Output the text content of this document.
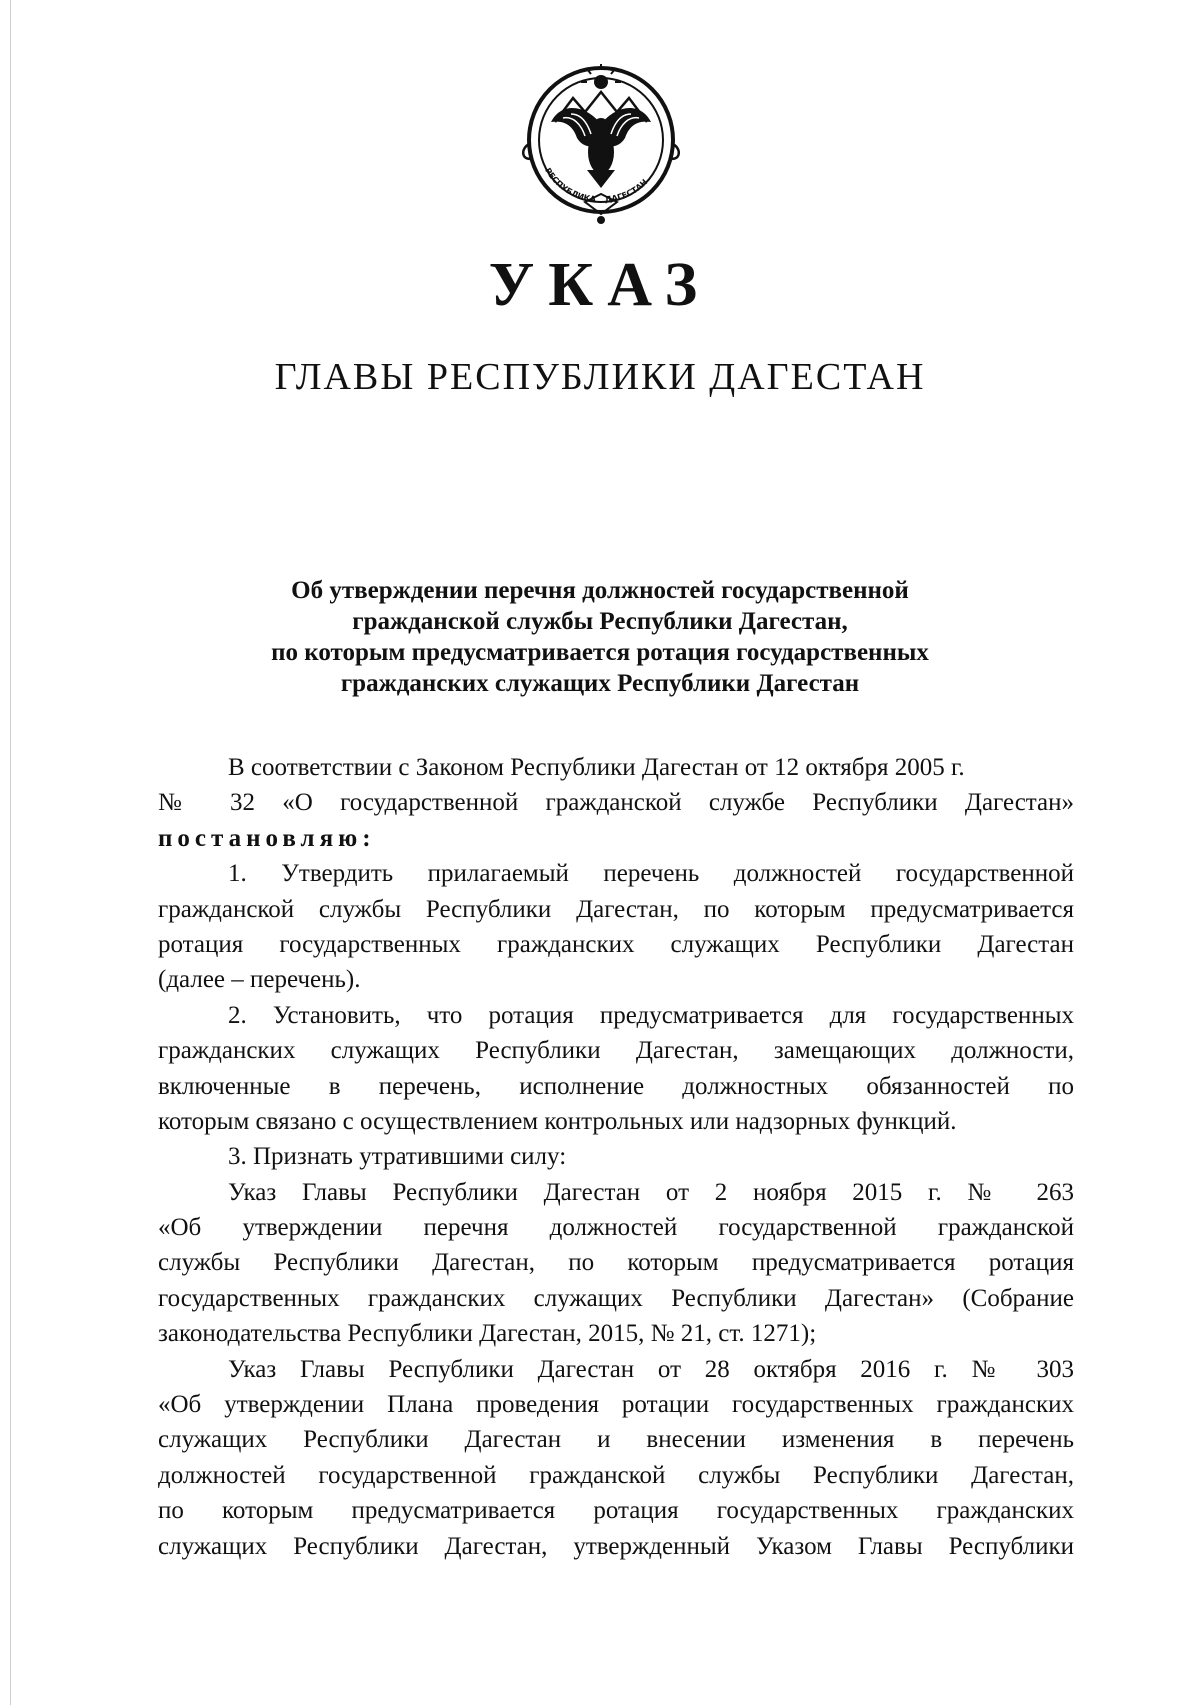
РЕСПУБЛИКА ДАГЕСТАН
УКАЗ
ГЛАВЫ РЕСПУБЛИКИ ДАГЕСТАН
Об утверждении перечня должностей государственной
гражданской службы Республики Дагестан,
по которым предусматривается ротация государственных
гражданских служащих Республики Дагестан
В соответствии с Законом Республики Дагестан от 12 октября 2005 г.
№ 32 «О государственной гражданской службе Республики Дагестан»
постановляю:
1. Утвердить прилагаемый перечень должностей государственной
гражданской службы Республики Дагестан, по которым предусматривается
ротация государственных гражданских служащих Республики Дагестан
(далее – перечень).
2. Установить, что ротация предусматривается для государственных
гражданских служащих Республики Дагестан, замещающих должности,
включенные в перечень, исполнение должностных обязанностей по
которым связано с осуществлением контрольных или надзорных функций.
3. Признать утратившими силу:
Указ Главы Республики Дагестан от 2 ноября 2015 г. № 263
«Об утверждении перечня должностей государственной гражданской
службы Республики Дагестан, по которым предусматривается ротация
государственных гражданских служащих Республики Дагестан» (Собрание
законодательства Республики Дагестан, 2015, № 21, ст. 1271);
Указ Главы Республики Дагестан от 28 октября 2016 г. № 303
«Об утверждении Плана проведения ротации государственных гражданских
служащих Республики Дагестан и внесении изменения в перечень
должностей государственной гражданской службы Республики Дагестан,
по которым предусматривается ротация государственных гражданских
служащих Республики Дагестан, утвержденный Указом Главы Республики
